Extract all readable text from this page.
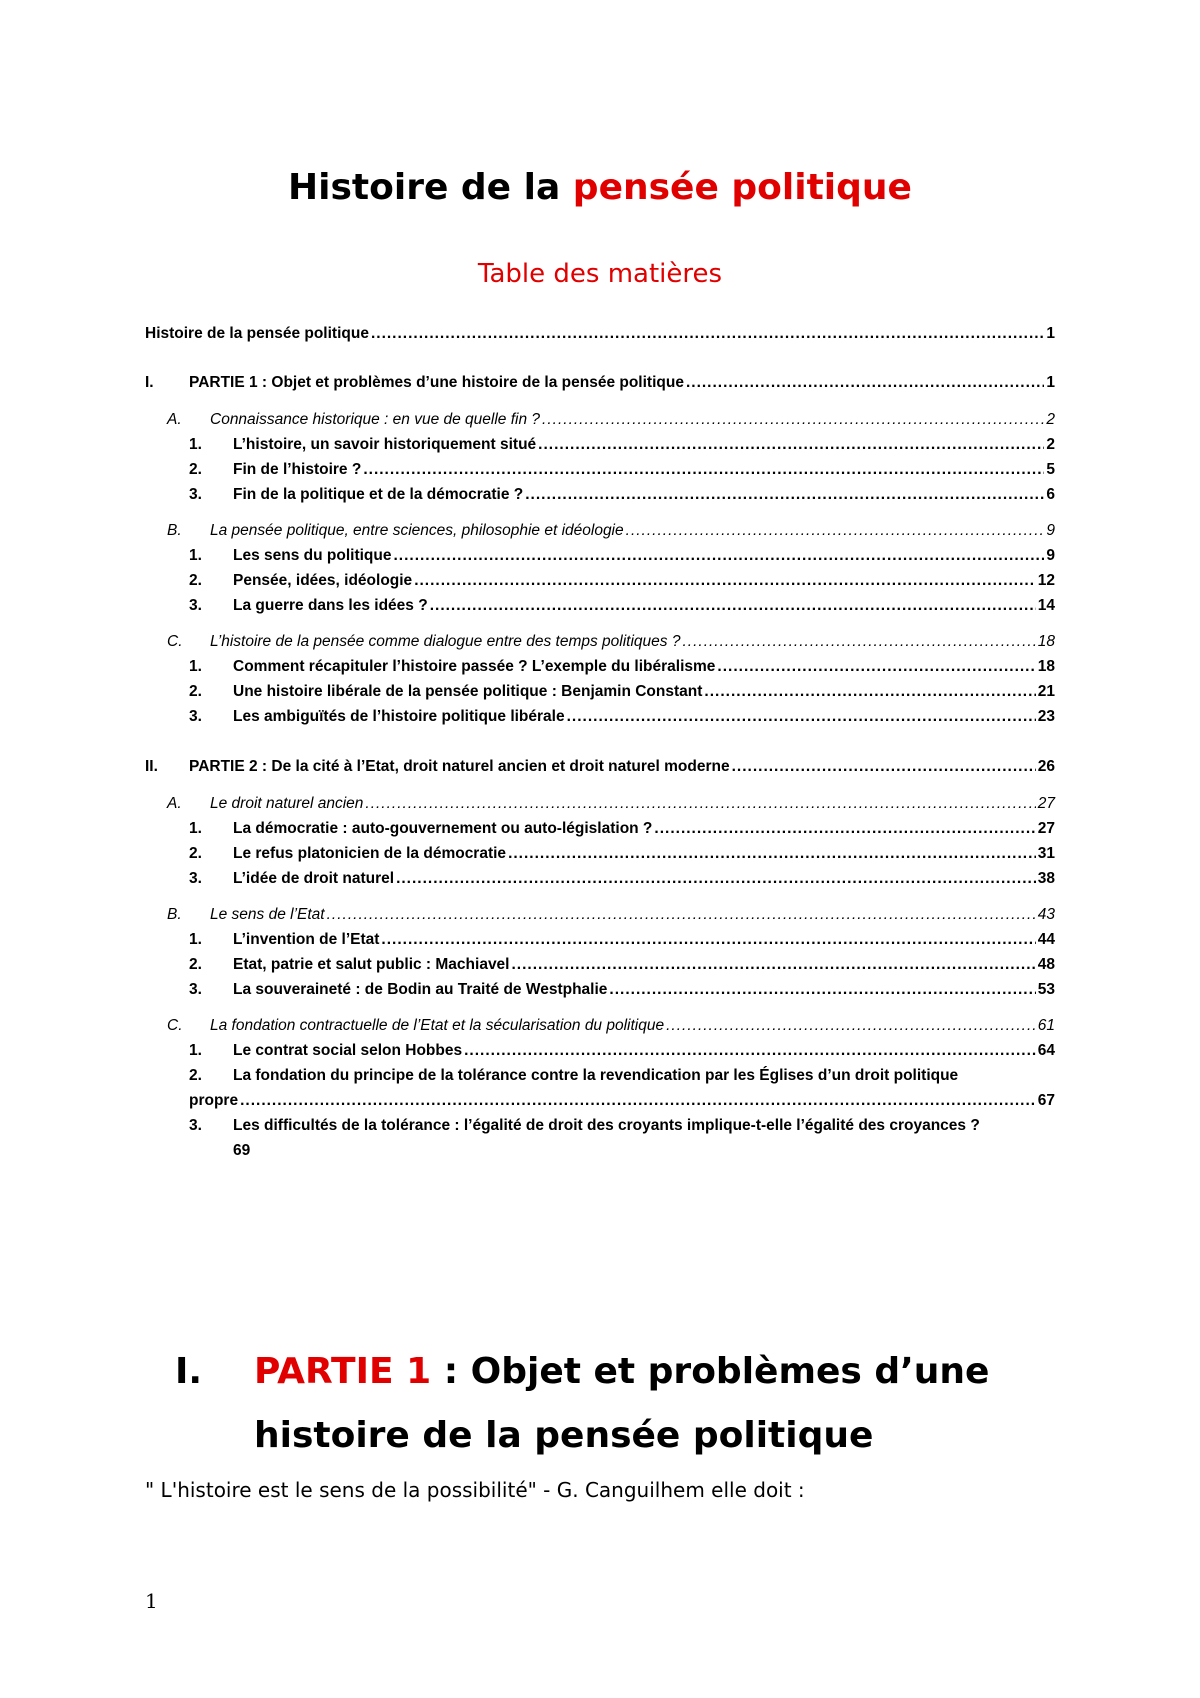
Histoire de la pensée politique
Table des matières
Histoire de la pensée politique .....	1
I. PARTIE 1 : Objet et problèmes d’une histoire de la pensée politique .....	1
A. Connaissance historique : en vue de quelle fin ? .....	2
1. L’histoire, un savoir historiquement situé .....	2
2. Fin de l’histoire ? .....	5
3. Fin de la politique et de la démocratie ? .....	6
B. La pensée politique, entre sciences, philosophie et idéologie .....	9
1. Les sens du politique .....	9
2. Pensée, idées, idéologie .....	12
3. La guerre dans les idées ? .....	14
C. L’histoire de la pensée comme dialogue entre des temps politiques ? .....	18
1. Comment récapituler l’histoire passée ? L’exemple du libéralisme .....	18
2. Une histoire libérale de la pensée politique : Benjamin Constant .....	21
3. Les ambiguïtés de l’histoire politique libérale .....	23
II. PARTIE 2 : De la cité à l’Etat, droit naturel ancien et droit naturel moderne .....	26
A. Le droit naturel ancien .....	27
1. La démocratie : auto-gouvernement ou auto-législation ? .....	27
2. Le refus platonicien de la démocratie .....	31
3. L’idée de droit naturel .....	38
B. Le sens de l’Etat .....	43
1. L’invention de l’Etat .....	44
2. Etat, patrie et salut public : Machiavel .....	48
3. La souveraineté : de Bodin au Traité de Westphalie .....	53
C. La fondation contractuelle de l’Etat et la sécularisation du politique .....	61
1. Le contrat social selon Hobbes .....	64
2. La fondation du principe de la tolérance contre la revendication par les Églises d’un droit politique
propre .....	67
3. Les difficultés de la tolérance : l’égalité de droit des croyants implique-t-elle l’égalité des croyances ?
69
I. PARTIE 1 : Objet et problèmes d’une
histoire de la pensée politique
" L'histoire est le sens de la possibilité" - G. Canguilhem elle doit :
1
